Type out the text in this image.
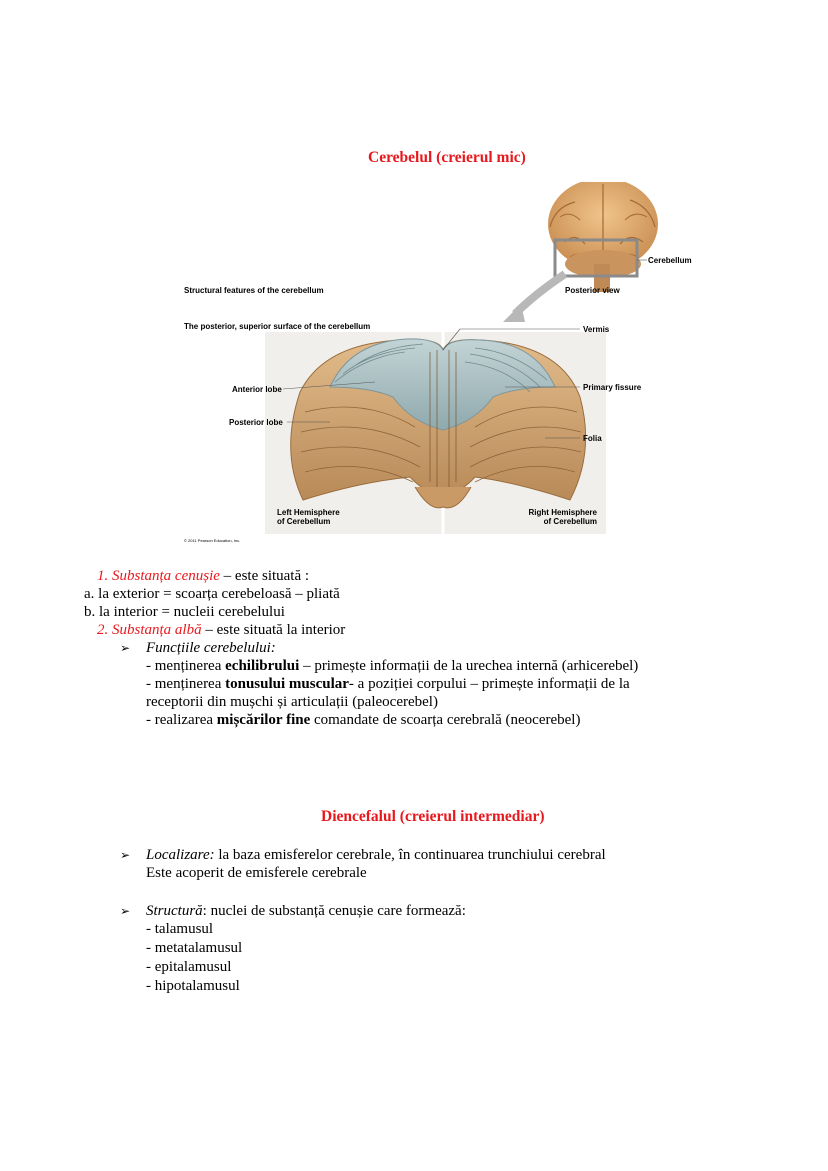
Cerebelul (creierul mic)
Cerebellum
Posterior view
Structural features of the cerebellum
The posterior, superior surface of the cerebellum	Vermis
Anterior lobe	Primary fissure
Posterior lobe
Folia
Left Hemisphere
of Cerebellum
Right Hemisphere
of Cerebellum
© 2011 Pearson Education, Inc.
1. Substanța cenușie – este situată :
a. la exterior = scoarța cerebeloasă – pliată
b. la interior = nucleii cerebelului
2. Substanța albă – este situată la interior
➢ Funcțiile cerebelului:
- menținerea echilibrului – primește informații de la urechea internă (arhicerebel)
- menținerea tonusului muscular- a poziției corpului – primește informații de la
receptorii din mușchi și articulații (paleocerebel)
- realizarea mișcărilor fine comandate de scoarța cerebrală (neocerebel)
Diencefalul (creierul intermediar)
➢ Localizare: la baza emisferelor cerebrale, în continuarea trunchiului cerebral
Este acoperit de emisferele cerebrale
➢ Structură: nuclei de substanță cenușie care formează:
- talamusul
- metatalamusul
- epitalamusul
- hipotalamusul
